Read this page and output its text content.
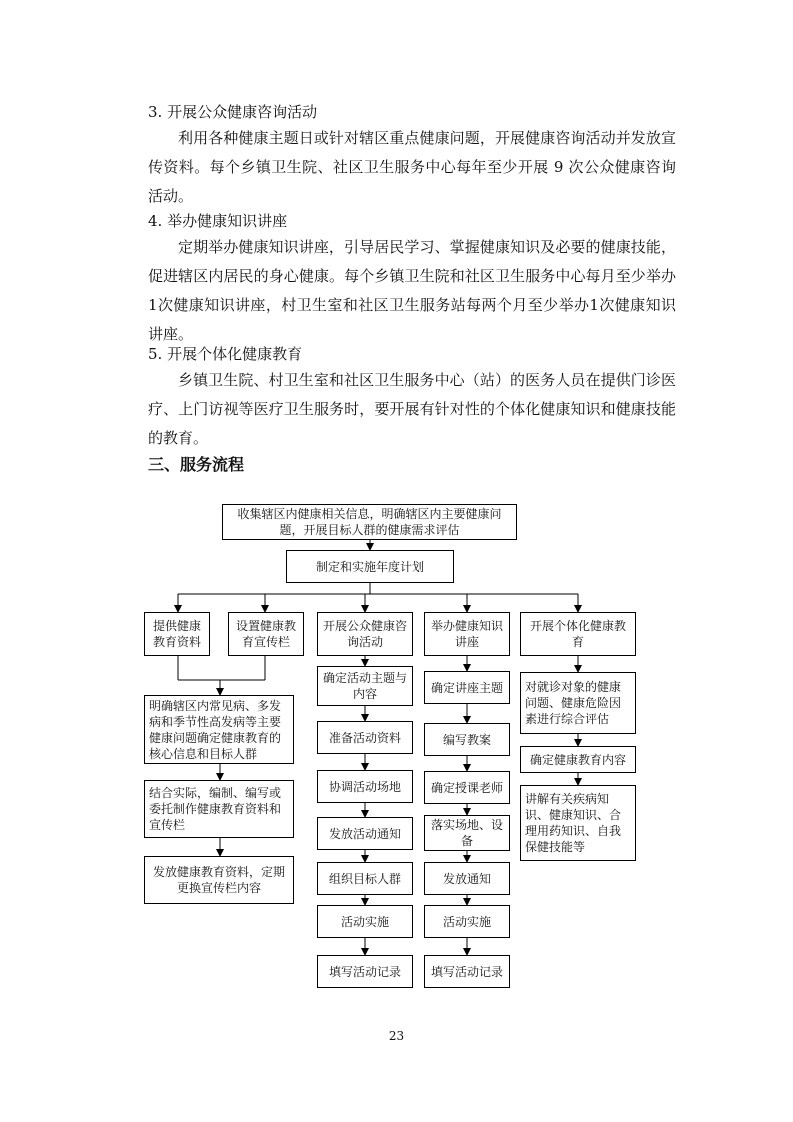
3. 开展公众健康咨询活动

利用各种健康主题日或针对辖区重点健康问题，开展健康咨询活动并发放宣传资料。每个乡镇卫生院、社区卫生服务中心每年至少开展 9 次公众健康咨询活动。

4. 举办健康知识讲座

定期举办健康知识讲座，引导居民学习、掌握健康知识及必要的健康技能，促进辖区内居民的身心健康。每个乡镇卫生院和社区卫生服务中心每月至少举办1次健康知识讲座，村卫生室和社区卫生服务站每两个月至少举办1次健康知识讲座。

5. 开展个体化健康教育

乡镇卫生院、村卫生室和社区卫生服务中心（站）的医务人员在提供门诊医疗、上门访视等医疗卫生服务时，要开展有针对性的个体化健康知识和健康技能的教育。

三、服务流程
收集辖区内健康相关信息，明确辖区内主要健康问题，开展目标人群的健康需求评估
制定和实施年度计划
提供健康教育资料
设置健康教育宣传栏
开展公众健康咨询活动
举办健康知识讲座
开展个体化健康教育
明确辖区内常见病、多发病和季节性高发病等主要健康问题确定健康教育的核心信息和目标人群
结合实际，编制、编写或委托制作健康教育资料和宣传栏
发放健康教育资料，定期更换宣传栏内容
确定活动主题与内容
准备活动资料
协调活动场地
发放活动通知
组织目标人群
活动实施
填写活动记录
确定讲座主题
编写教案
确定授课老师
落实场地、设备
发放通知
活动实施
填写活动记录
对就诊对象的健康问题、健康危险因素进行综合评估
确定健康教育内容
讲解有关疾病知识、健康知识、合理用药知识、自我保健技能等
23
